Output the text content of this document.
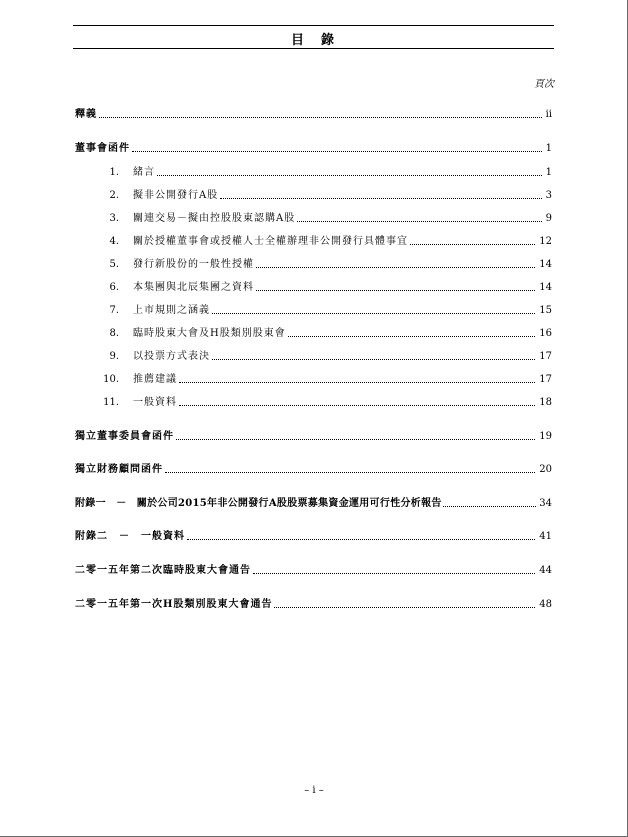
目　錄
頁次
釋義	ii
董事會函件	1
1.	緒言	1
2.	擬非公開發行A股	3
3.	關連交易－擬由控股股東認購A股	9
4.	關於授權董事會或授權人士全權辦理非公開發行具體事宜	12
5.	發行新股份的一般性授權	14
6.	本集團與北辰集團之資料	14
7.	上市規則之涵義	15
8.	臨時股東大會及H股類別股東會	16
9.	以投票方式表決	17
10.	推薦建議	17
11.	一般資料	18
獨立董事委員會函件	19
獨立財務顧問函件	20
附錄一　－　關於公司2015年非公開發行A股股票募集資金運用可行性分析報告	34
附錄二　－　一般資料	41
二零一五年第二次臨時股東大會通告	44
二零一五年第一次H股類別股東大會通告	48
– i –
